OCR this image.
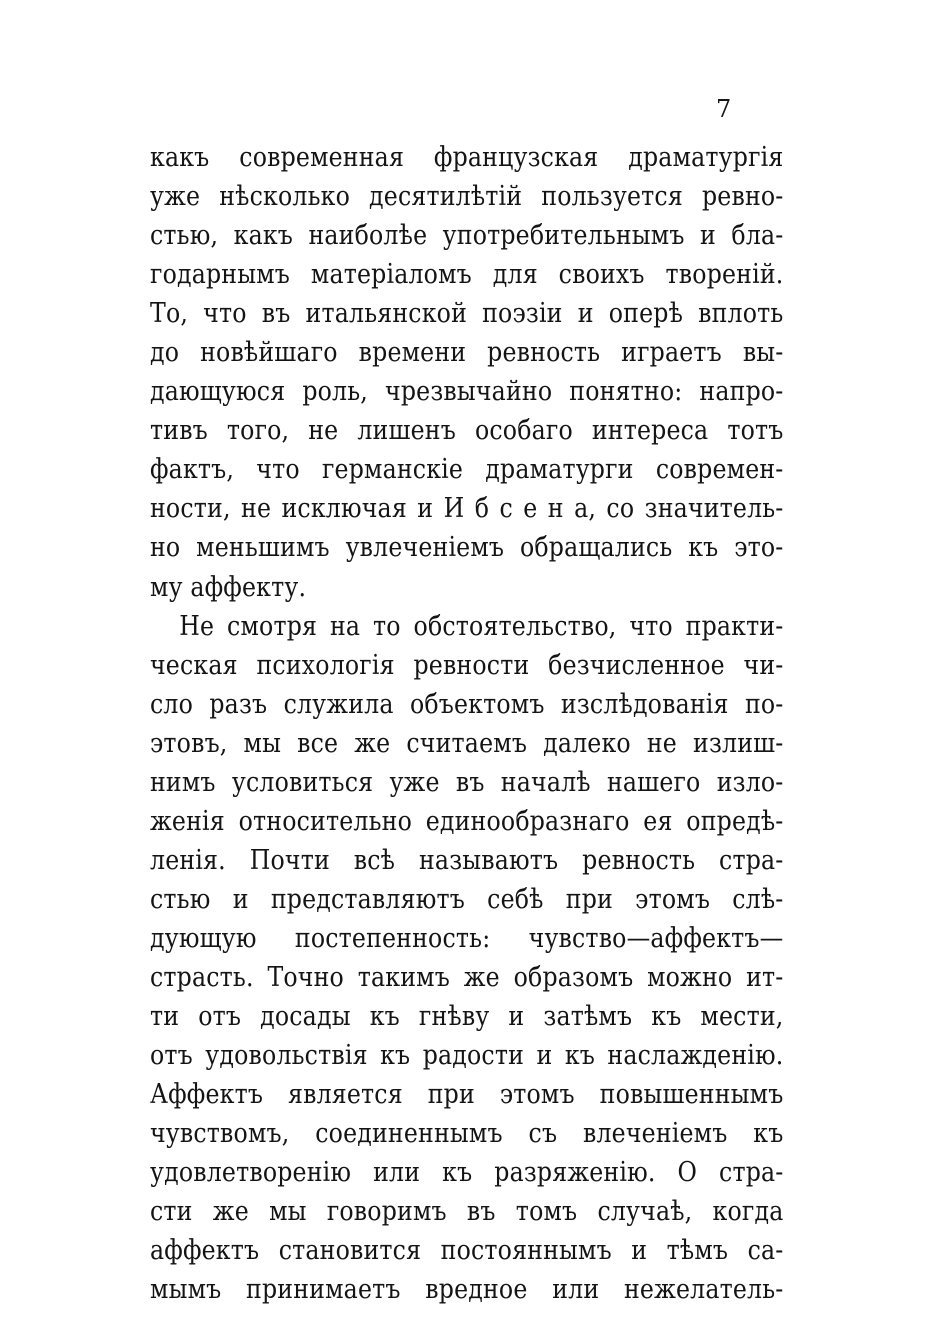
7
какъ современная французская драматургія
уже нѣсколько десятилѣтій пользуется ревно-
стью, какъ наиболѣе употребительнымъ и бла-
годарнымъ матеріаломъ для своихъ твореній.
То, что въ итальянской поэзіи и оперѣ вплоть
до новѣйшаго времени ревность играетъ вы-
дающуюся роль, чрезвычайно понятно: напро-
тивъ того, не лишенъ особаго интереса тотъ
фактъ, что германскіе драматурги современ-
ности, не исключая и И б с е н а, со значитель-
но меньшимъ увлеченіемъ обращались къ это-
му аффекту.
Не смотря на то обстоятельство, что практи-
ческая психологія ревности безчисленное чи-
сло разъ служила объектомъ изслѣдованія по-
этовъ, мы все же считаемъ далеко не излиш-
нимъ условиться уже въ началѣ нашего изло-
женія относительно единообразнаго ея опредѣ-
ленія. Почти всѣ называютъ ревность стра-
стью и представляютъ себѣ при этомъ слѣ-
дующую постепенность: чувство—аффектъ—
страсть. Точно такимъ же образомъ можно ит-
ти отъ досады къ гнѣву и затѣмъ къ мести,
отъ удовольствія къ радости и къ наслажденію.
Аффектъ является при этомъ повышеннымъ
чувствомъ, соединеннымъ съ влеченіемъ къ
удовлетворенію или къ разряженію. О стра-
сти же мы говоримъ въ томъ случаѣ, когда
аффектъ становится постояннымъ и тѣмъ са-
мымъ принимаетъ вредное или нежелатель-
